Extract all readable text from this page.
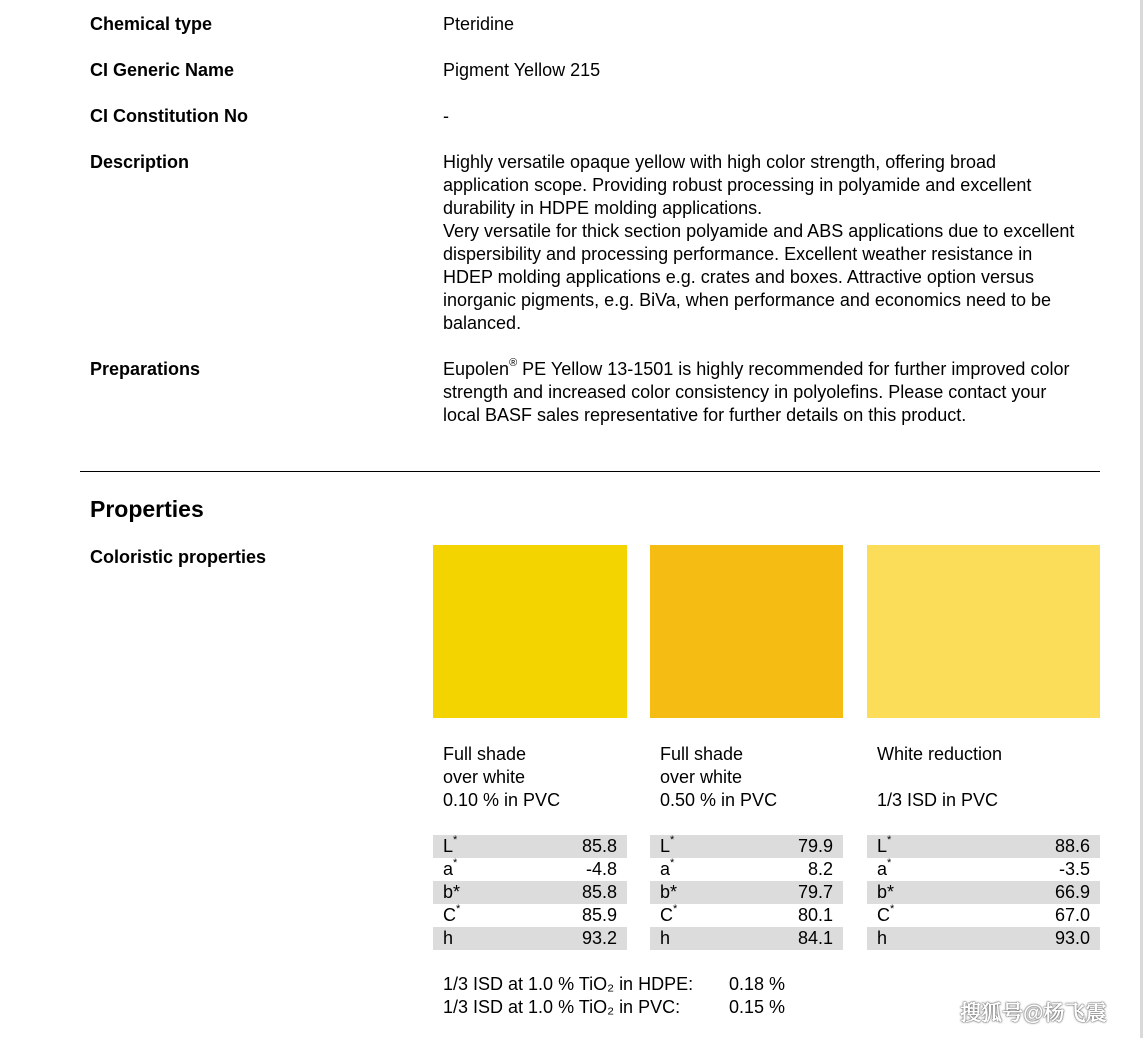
Chemical type	Pteridine
CI Generic Name	Pigment Yellow 215
CI Constitution No	-
Description	Highly versatile opaque yellow with high color strength, offering broad application scope. Providing robust processing in polyamide and excellent durability in HDPE molding applications.

Very versatile for thick section polyamide and ABS applications due to excellent dispersibility and processing performance. Excellent weather resistance in HDEP molding applications e.g. crates and boxes. Attractive option versus inorganic pigments, e.g. BiVa, when performance and economics need to be balanced.

Preparations	Eupolen® PE Yellow 13-1501 is highly recommended for further improved color strength and increased color consistency in polyolefins. Please contact your local BASF sales representative for further details on this product.
Properties
Coloristic properties
Full shade
over white
0.10 % in PVC
L*	85.8
a*	-4.8
b*	85.8
C*	85.9
h	93.2
Full shade
over white
0.50 % in PVC
L*	79.9
a*	8.2
b*	79.7
C*	80.1
h	84.1
White reduction
1/3 ISD in PVC
L*	88.6
a*	-3.5
b*	66.9
C*	67.0
h	93.0
1/3 ISD at 1.0 % TiO₂ in HDPE: 0.18 %
1/3 ISD at 1.0 % TiO₂ in PVC:	0.15 %	搜狐号@杨飞震
